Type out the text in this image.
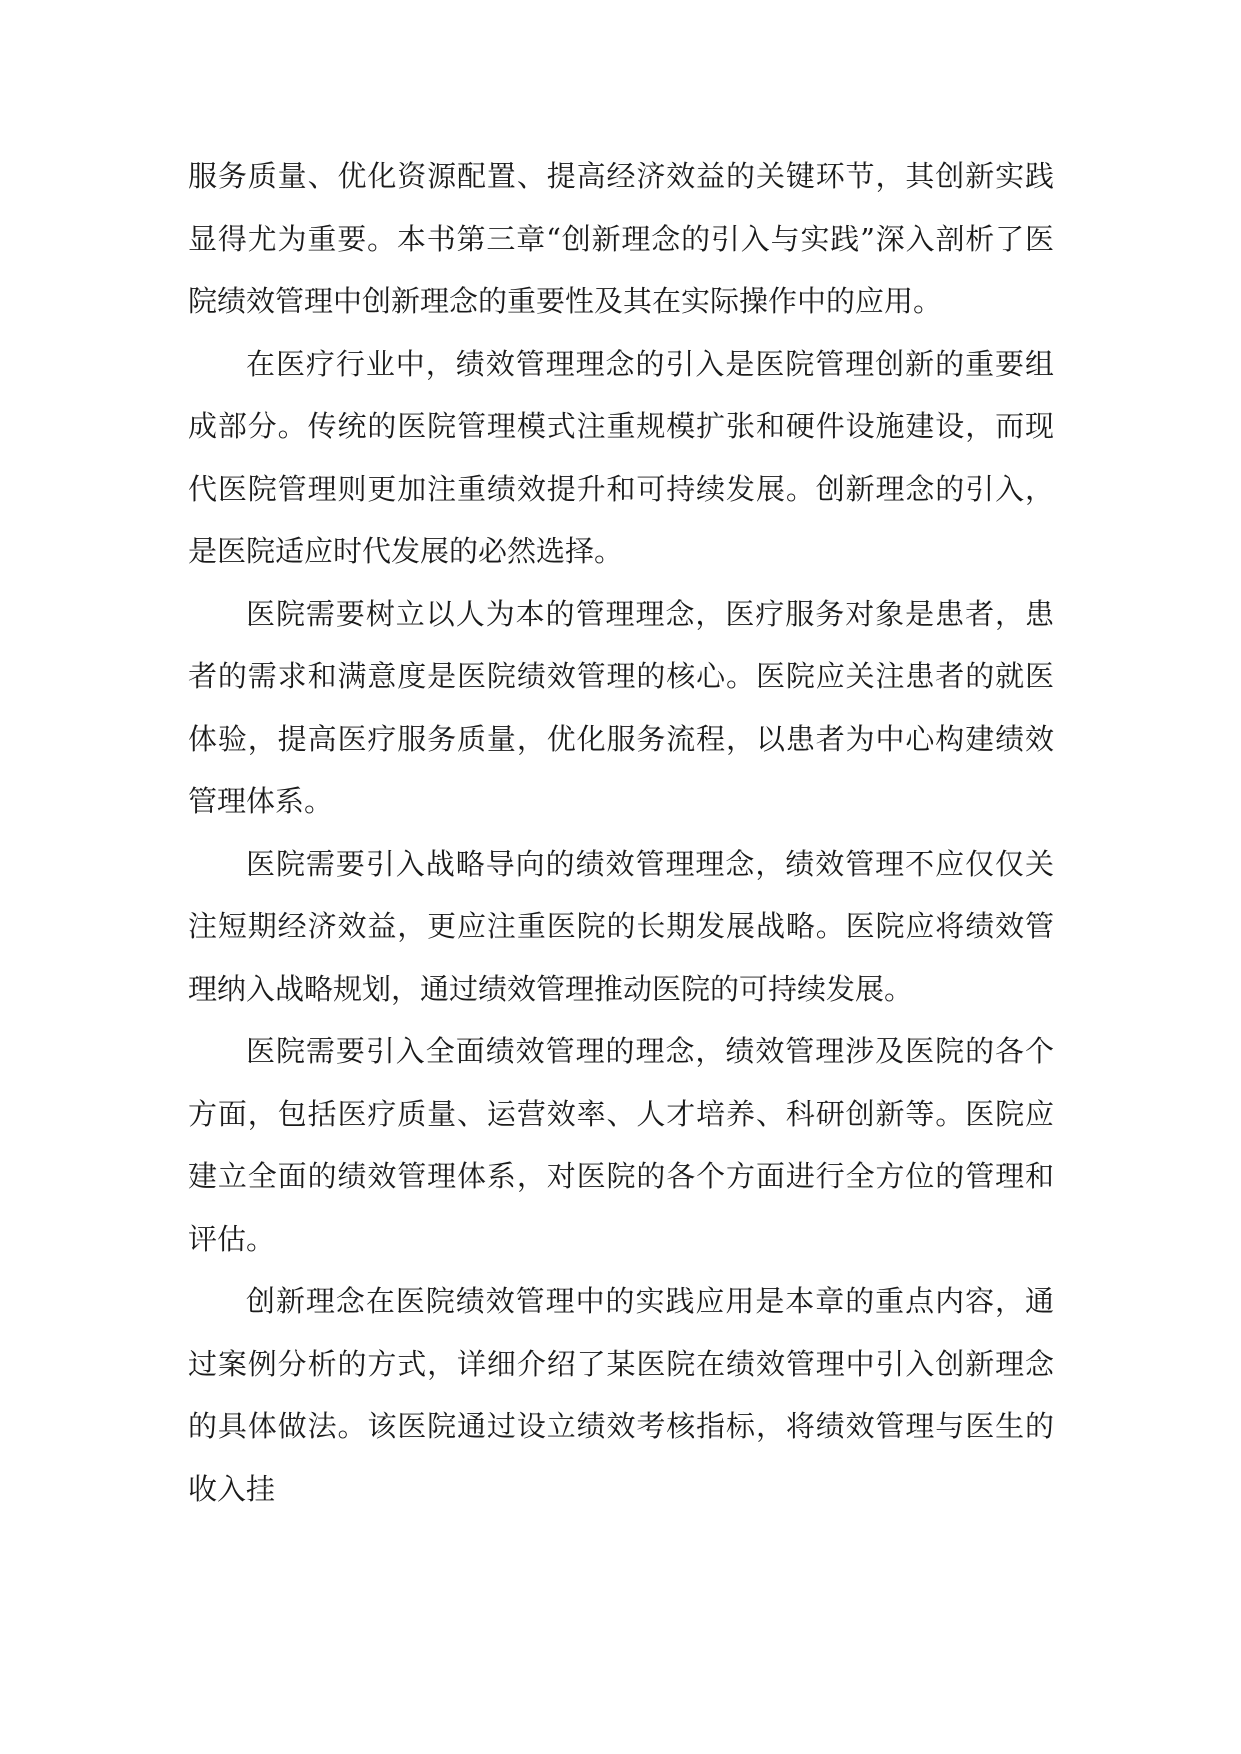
服务质量、优化资源配置、提高经济效益的关键环节，其创新实践显得尤为重要。本书第三章“创新理念的引入与实践”深入剖析了医院绩效管理中创新理念的重要性及其在实际操作中的应用。

在医疗行业中，绩效管理理念的引入是医院管理创新的重要组成部分。传统的医院管理模式注重规模扩张和硬件设施建设，而现代医院管理则更加注重绩效提升和可持续发展。创新理念的引入，是医院适应时代发展的必然选择。

医院需要树立以人为本的管理理念，医疗服务对象是患者，患者的需求和满意度是医院绩效管理的核心。医院应关注患者的就医体验，提高医疗服务质量，优化服务流程，以患者为中心构建绩效管理体系。

医院需要引入战略导向的绩效管理理念，绩效管理不应仅仅关注短期经济效益，更应注重医院的长期发展战略。医院应将绩效管理纳入战略规划，通过绩效管理推动医院的可持续发展。

医院需要引入全面绩效管理的理念，绩效管理涉及医院的各个方面，包括医疗质量、运营效率、人才培养、科研创新等。医院应建立全面的绩效管理体系，对医院的各个方面进行全方位的管理和评估。

创新理念在医院绩效管理中的实践应用是本章的重点内容，通过案例分析的方式，详细介绍了某医院在绩效管理中引入创新理念的具体做法。该医院通过设立绩效考核指标，将绩效管理与医生的收入挂
